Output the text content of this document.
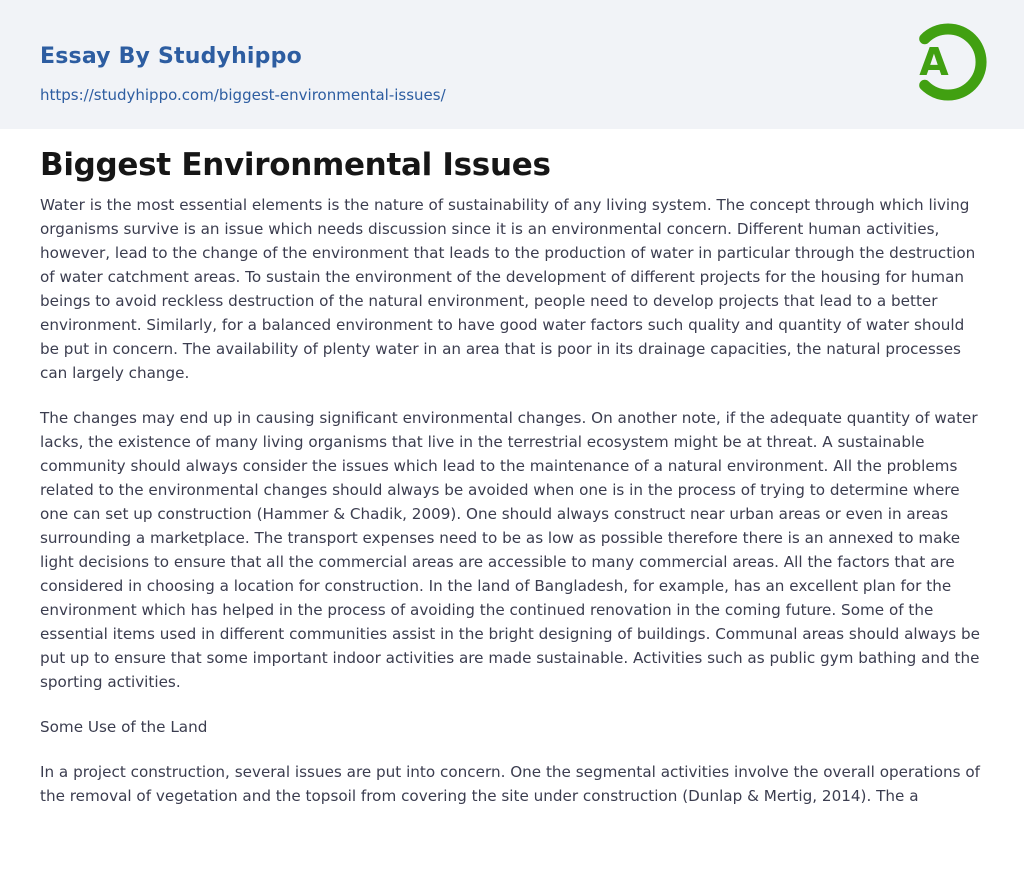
Essay By Studyhippo
https://studyhippo.com/biggest-environmental-issues/
A
Biggest Environmental Issues

Water is the most essential elements is the nature of sustainability of any living system. The concept through which living organisms survive is an issue which needs discussion since it is an environmental concern. Different human activities, however, lead to the change of the environment that leads to the production of water in particular through the destruction of water catchment areas. To sustain the environment of the development of different projects for the housing for human beings to avoid reckless destruction of the natural environment, people need to develop projects that lead to a better environment. Similarly, for a balanced environment to have good water factors such quality and quantity of water should be put in concern. The availability of plenty water in an area that is poor in its drainage capacities, the natural processes can largely change.

The changes may end up in causing significant environmental changes. On another note, if the adequate quantity of water lacks, the existence of many living organisms that live in the terrestrial ecosystem might be at threat. A sustainable community should always consider the issues which lead to the maintenance of a natural environment. All the problems related to the environmental changes should always be avoided when one is in the process of trying to determine where one can set up construction (Hammer & Chadik, 2009). One should always construct near urban areas or even in areas surrounding a marketplace. The transport expenses need to be as low as possible therefore there is an annexed to make light decisions to ensure that all the commercial areas are accessible to many commercial areas. All the factors that are considered in choosing a location for construction. In the land of Bangladesh, for example, has an excellent plan for the environment which has helped in the process of avoiding the continued renovation in the coming future. Some of the essential items used in different communities assist in the bright designing of buildings. Communal areas should always be put up to ensure that some important indoor activities are made sustainable. Activities such as public gym bathing and the sporting activities.

Some Use of the Land

In a project construction, several issues are put into concern. One the segmental activities involve the overall operations of the removal of vegetation and the topsoil from covering the site under construction (Dunlap & Mertig, 2014). The a
